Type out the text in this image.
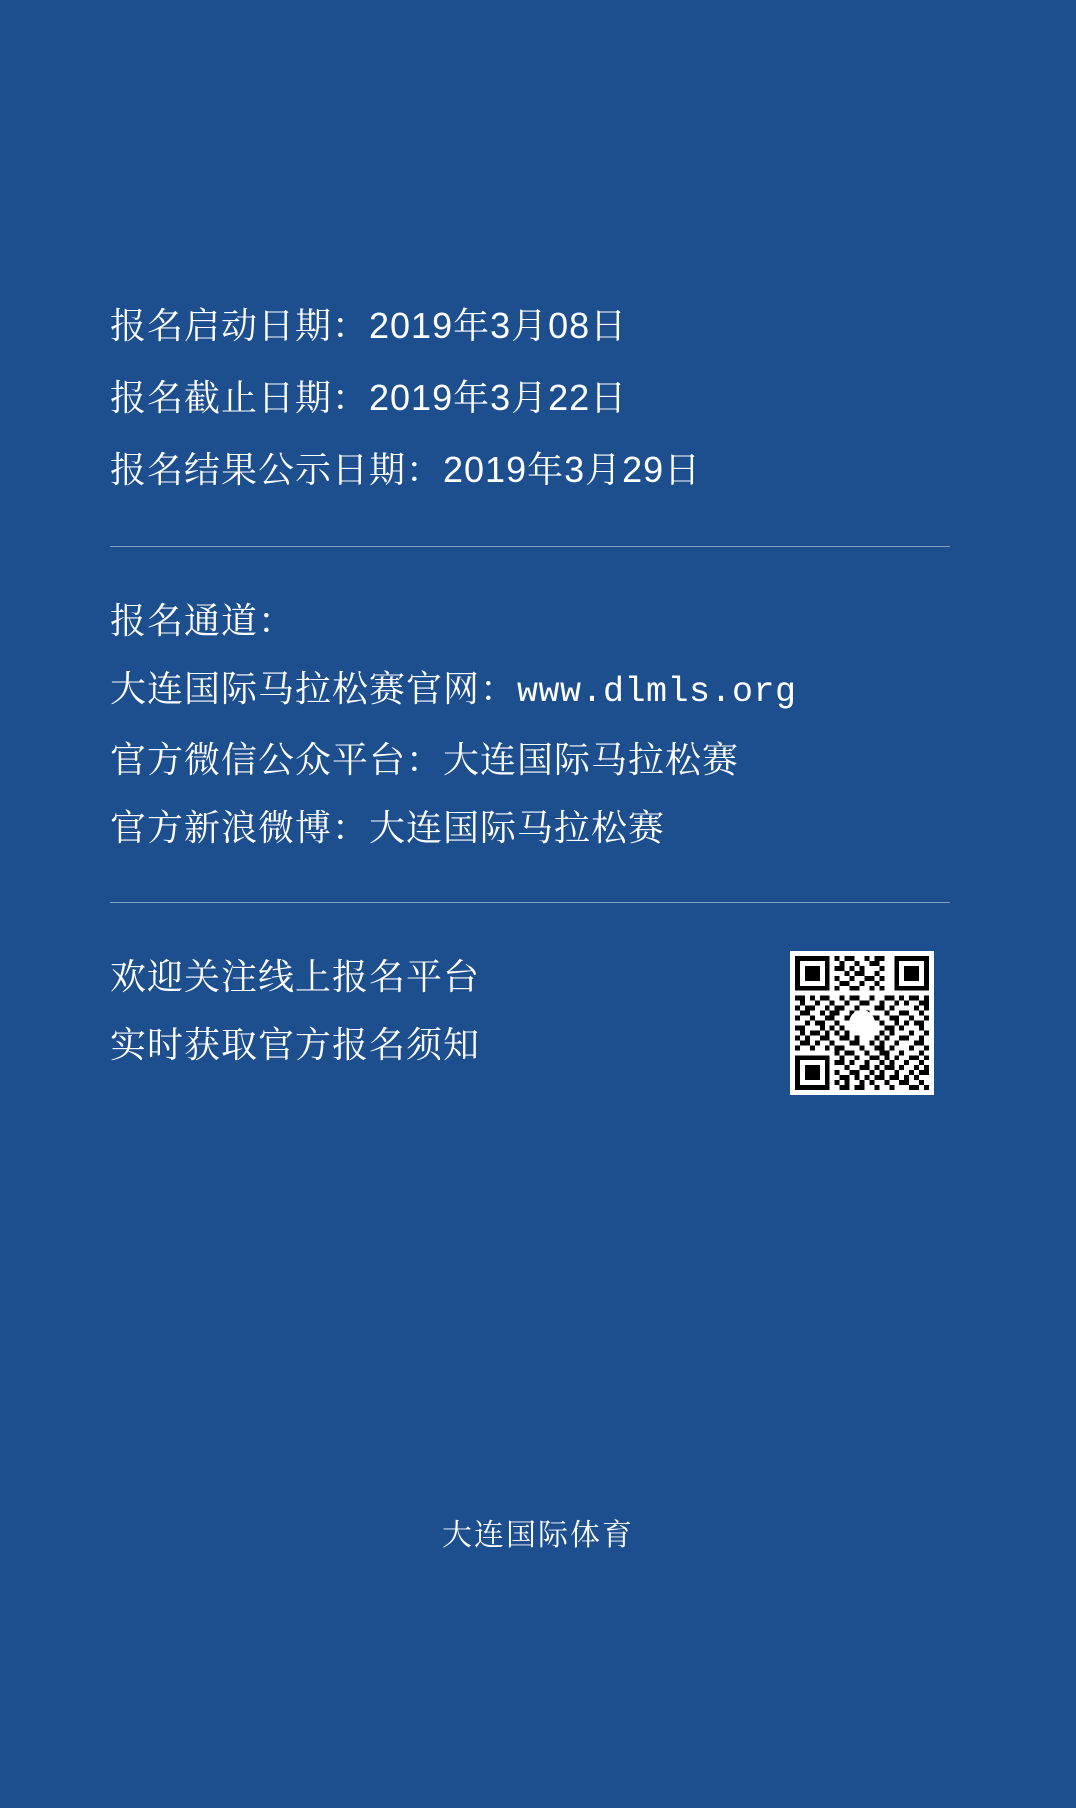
报名启动日期：2019年3月08日
报名截止日期：2019年3月22日
报名结果公示日期：2019年3月29日
报名通道：
大连国际马拉松赛官网：www.dlmls.org
官方微信公众平台：大连国际马拉松赛
官方新浪微博：大连国际马拉松赛
欢迎关注线上报名平台
实时获取官方报名须知
大连国际体育
